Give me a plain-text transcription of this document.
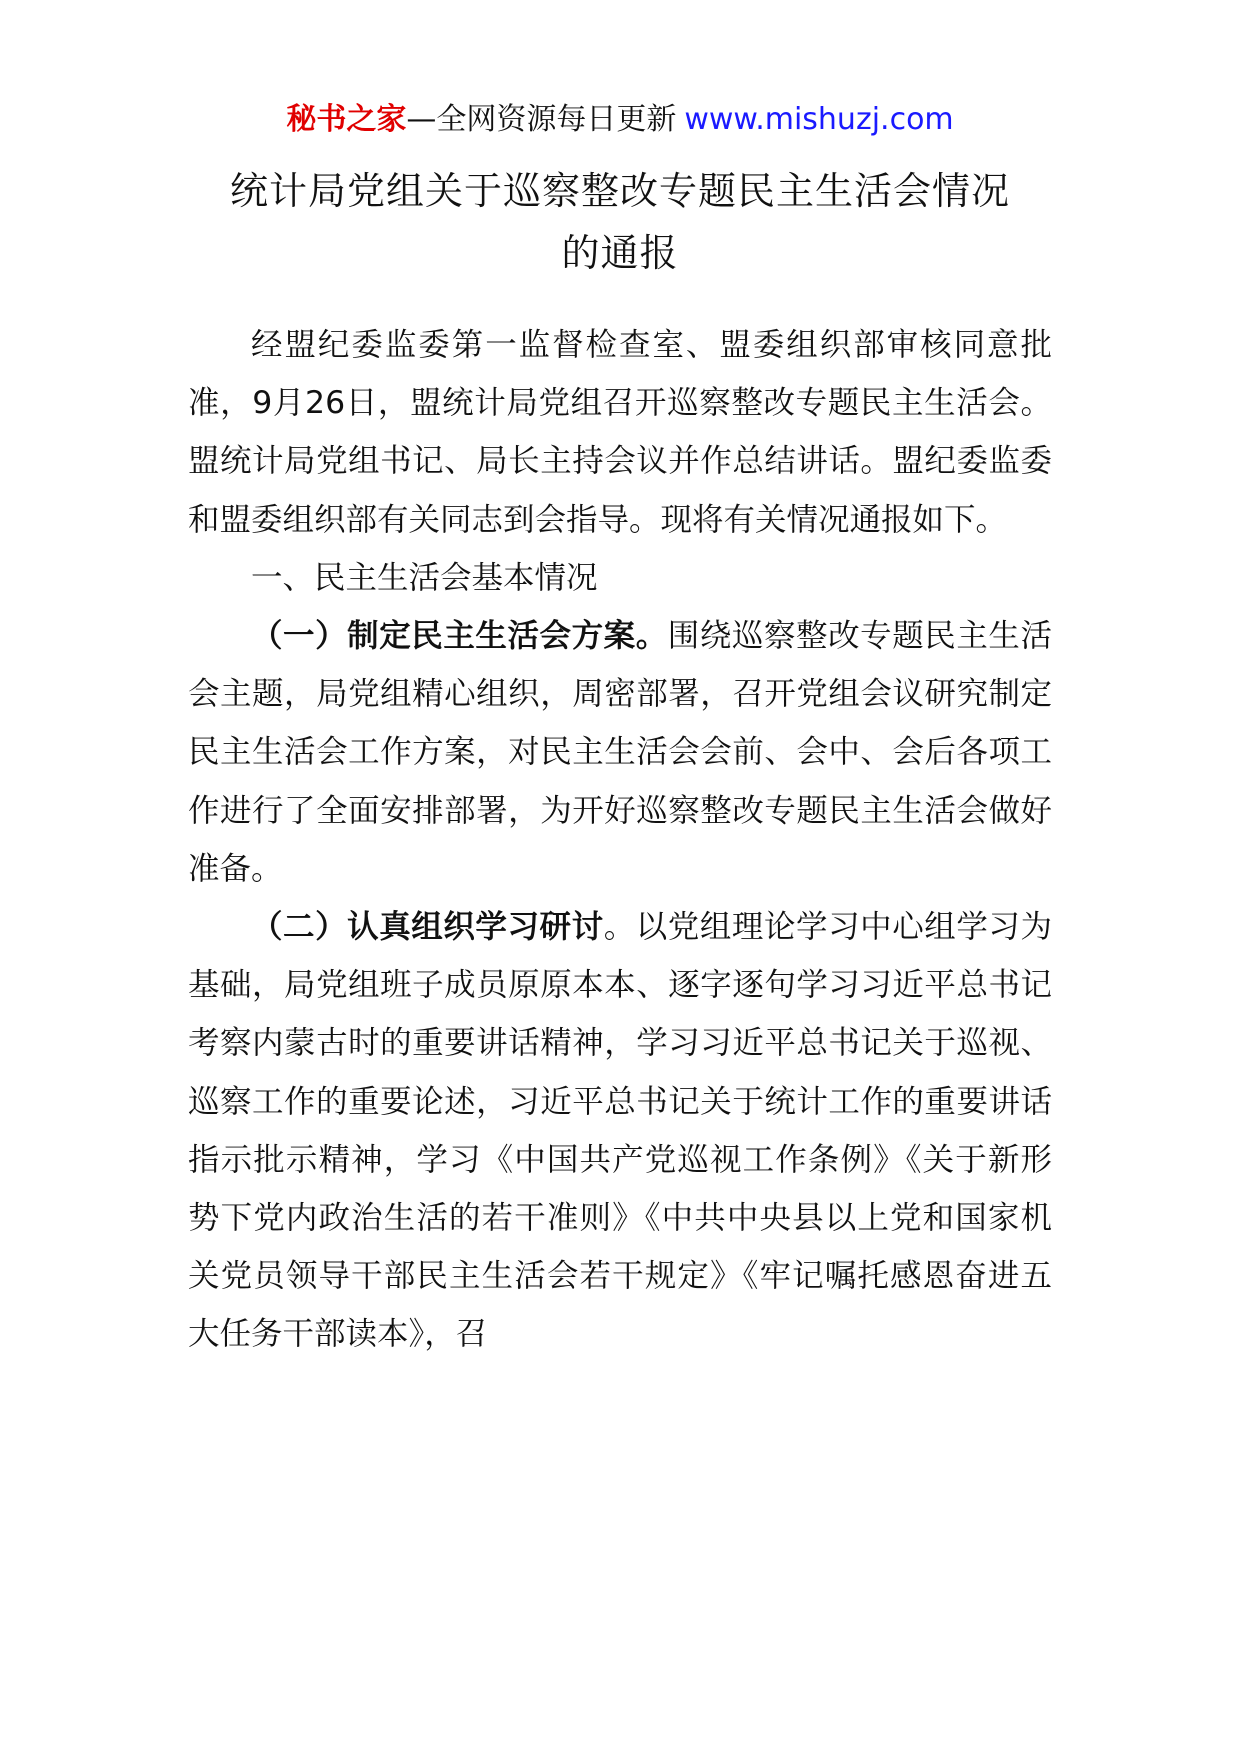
秘书之家—全网资源每日更新 www.mishuzj.com
统计局党组关于巡察整改专题民主生活会情况
的通报

经盟纪委监委第一监督检查室、盟委组织部审核同意批准，9月26日，盟统计局党组召开巡察整改专题民主生活会。盟统计局党组书记、局长主持会议并作总结讲话。盟纪委监委和盟委组织部有关同志到会指导。现将有关情况通报如下。

一、民主生活会基本情况

（一）制定民主生活会方案。围绕巡察整改专题民主生活会主题，局党组精心组织，周密部署，召开党组会议研究制定民主生活会工作方案，对民主生活会会前、会中、会后各项工作进行了全面安排部署，为开好巡察整改专题民主生活会做好准备。

（二）认真组织学习研讨。以党组理论学习中心组学习为基础，局党组班子成员原原本本、逐字逐句学习习近平总书记考察内蒙古时的重要讲话精神，学习习近平总书记关于巡视、巡察工作的重要论述，习近平总书记关于统计工作的重要讲话指示批示精神，学习《中国共产党巡视工作条例》《关于新形势下党内政治生活的若干准则》《中共中央县以上党和国家机关党员领导干部民主生活会若干规定》《牢记嘱托感恩奋进五大任务干部读本》，召
